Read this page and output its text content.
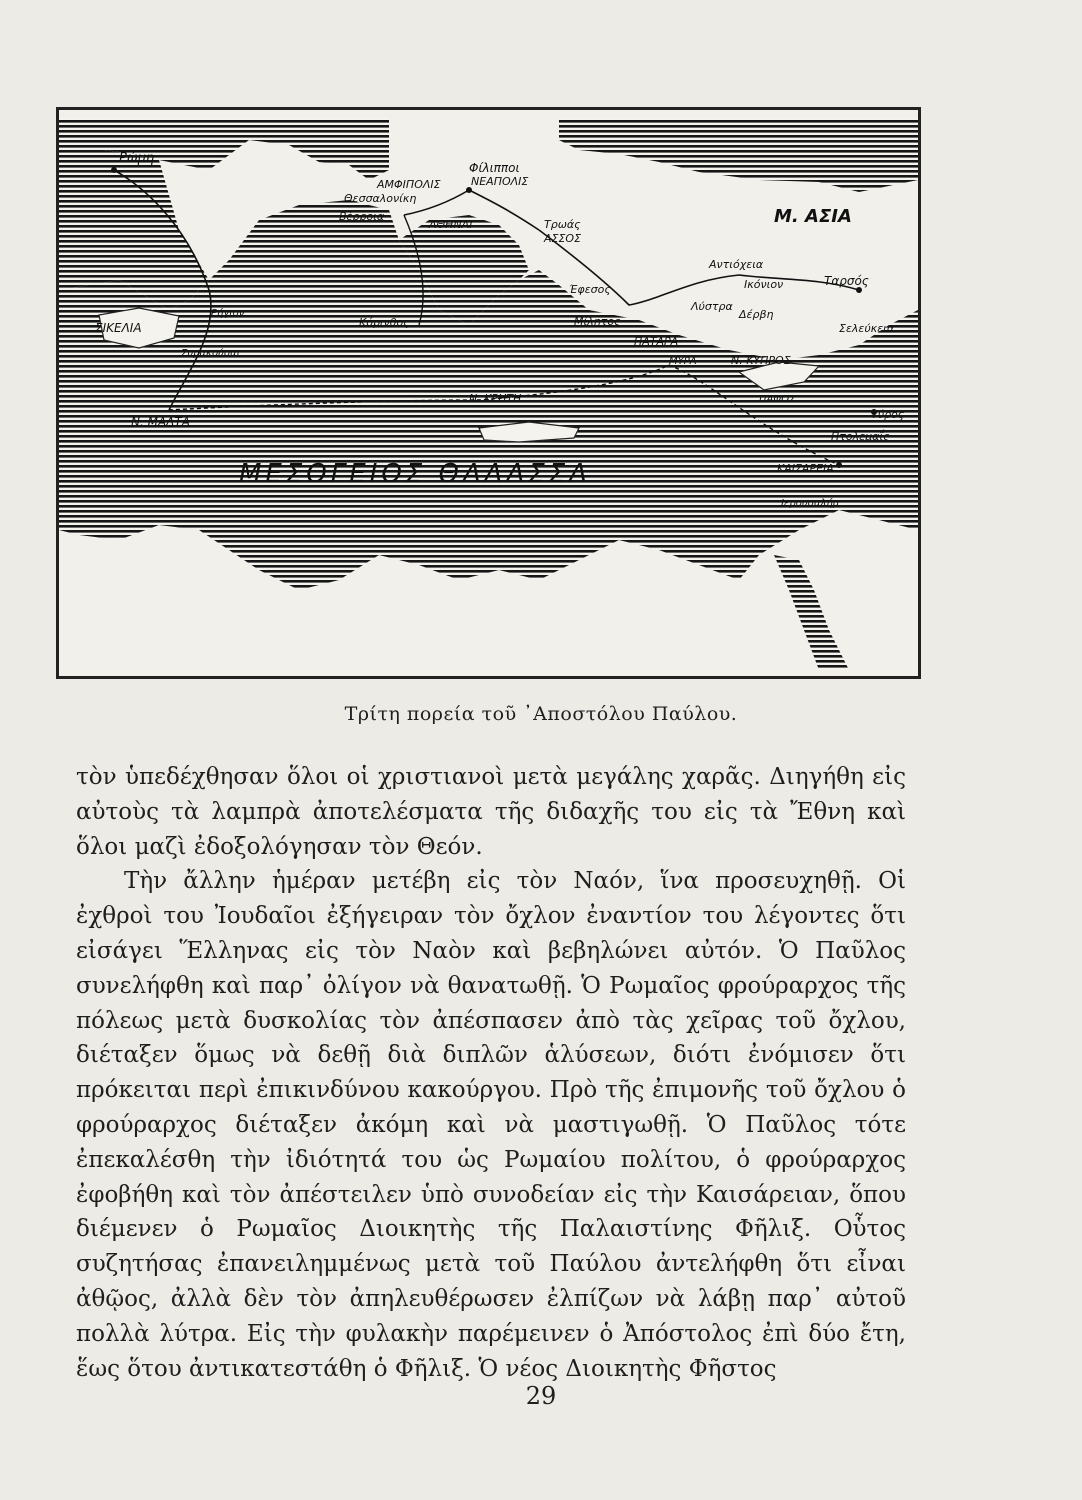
Ρώμη
Φίλιπποι
ΑΜΦΙΠΟΛΙΣ	ΝΕΑΠΟΛΙΣ
Θεσσαλονίκη
Βέρροια
ΑΘΗΝΑΙ	Τρωάς
ΑΣΣΟΣ
Μ. ΑΣΙΑ
Αντιόχεια
Ικόνιον	Ταρσός
Έφεσος
Λύστρα
Δέρβη
Σελεύκεια
Μίλητος
ΣΙΚΕΛΙΑ
Ρήγιον
Συρακούσαι
Κόρινθος
ΠΑΤΑΡΑ
ΜΥΡΑ	Ν. ΚΥΠΡΟΣ
ΠΑΦΟΣ
Ν. ΚΡΗΤΗ
Ν. ΜΑΛΤΑ
Τύρος
Πτολεμαΐς
ΚΑΙΣΑΡΕΙΑ
Ιερουσαλήμ
ΜΕΣΟΓΕΙΟΣ ΘΑΛΑΣΣΑ
Τρίτη πορεία τοῦ ᾿Αποστόλου Παύλου.

τὸν ὑπεδέχθησαν ὅλοι οἱ χριστιανοὶ μετὰ μεγάλης χαρᾶς. Διηγήθη εἰς αὐτοὺς τὰ λαμπρὰ ἀποτελέσματα τῆς διδαχῆς του εἰς τὰ Ἔθνη καὶ ὅλοι μαζὶ ἐδοξολόγησαν τὸν Θεόν.

Τὴν ἄλλην ἡμέραν μετέβη εἰς τὸν Ναόν, ἵνα προσευχηθῇ. Οἱ ἐχθροὶ του Ἰουδαῖοι ἐξήγειραν τὸν ὄχλον ἐναντίον του λέγοντες ὅτι εἰσάγει Ἕλληνας εἰς τὸν Ναὸν καὶ βεβηλώνει αὐτόν. Ὁ Παῦλος συνελήφθη καὶ παρ᾿ ὀλίγον νὰ θανατωθῇ. Ὁ Ρωμαῖος φρούραρχος τῆς πόλεως μετὰ δυσκολίας τὸν ἀπέσπασεν ἀπὸ τὰς χεῖρας τοῦ ὄχλου, διέταξεν ὅμως νὰ δεθῇ διὰ διπλῶν ἁλύσεων, διότι ἐνόμισεν ὅτι πρόκειται περὶ ἐπικινδύνου κακούργου. Πρὸ τῆς ἐπιμονῆς τοῦ ὄχλου ὁ φρούραρχος διέταξεν ἀκόμη καὶ νὰ μαστιγωθῇ. Ὁ Παῦλος τότε ἐπεκαλέσθη τὴν ἰδιότητά του ὡς Ρωμαίου πολίτου, ὁ φρούραρχος ἐφοβήθη καὶ τὸν ἀπέστειλεν ὑπὸ συνοδείαν εἰς τὴν Καισάρειαν, ὅπου διέμενεν ὁ Ρωμαῖος Διοικητὴς τῆς Παλαιστίνης Φῆλιξ. Οὗτος συζητήσας ἐπανειλημμένως μετὰ τοῦ Παύλου ἀντελήφθη ὅτι εἶναι ἀθῷος, ἀλλὰ δὲν τὸν ἀπηλευθέρωσεν ἐλπίζων νὰ λάβῃ παρ᾿ αὐτοῦ πολλὰ λύτρα. Εἰς τὴν φυλακὴν παρέμεινεν ὁ Ἀπόστολος ἐπὶ δύο ἔτη, ἕως ὅτου ἀντικατεστάθη ὁ Φῆλιξ. Ὁ νέος Διοικητὴς Φῆστος

29
